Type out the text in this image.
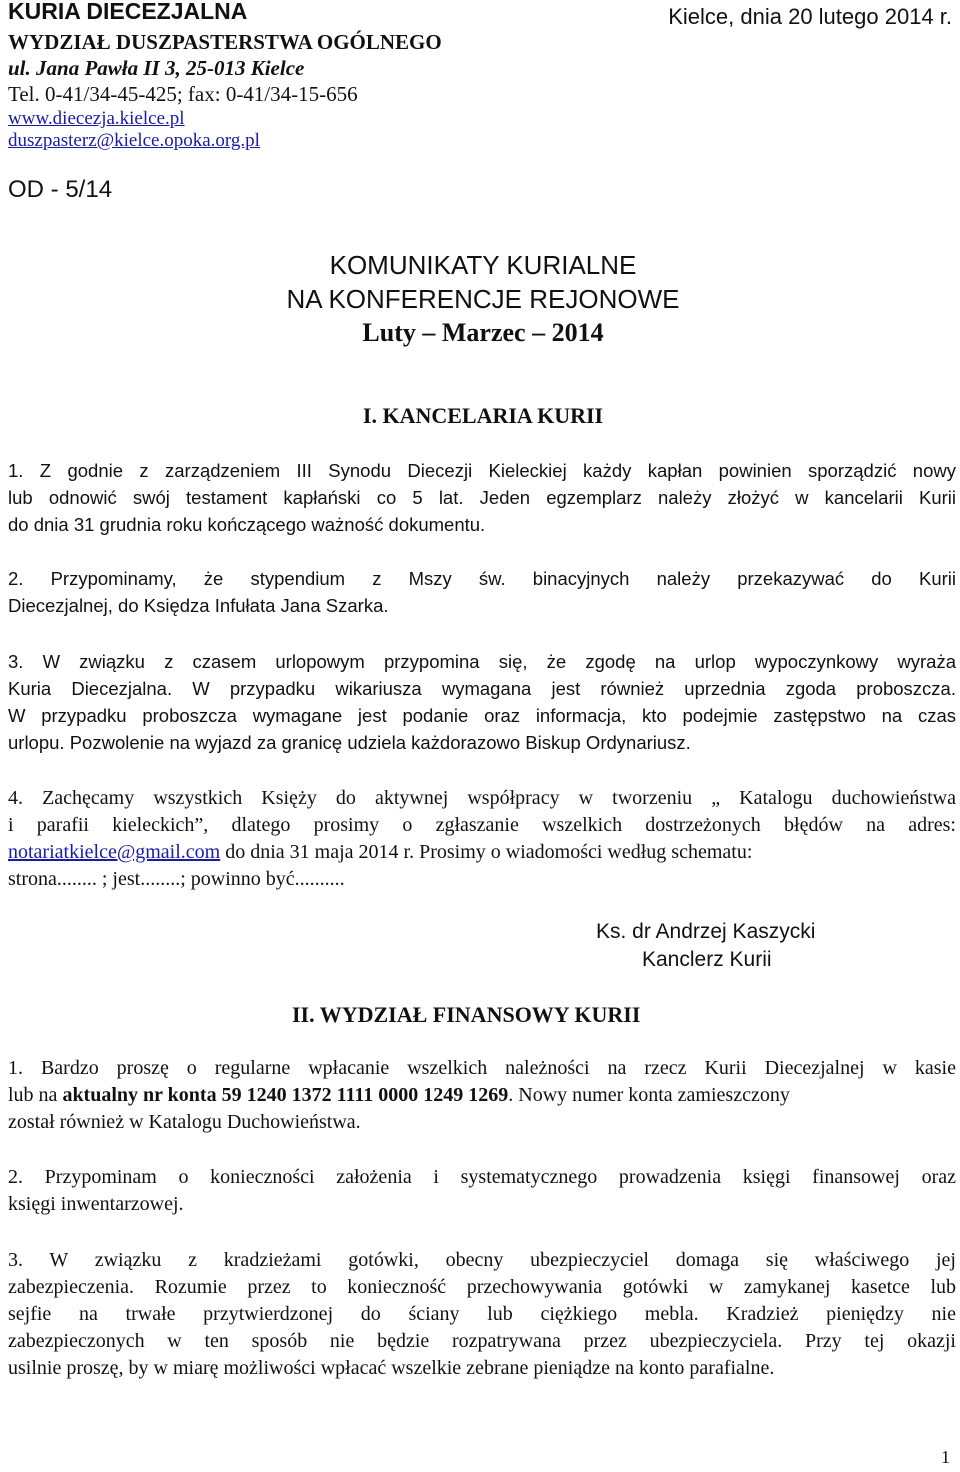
KURIA DIECEZJALNA
WYDZIAŁ DUSZPASTERSTWA OGÓLNEGO
ul. Jana Pawła II 3, 25-013 Kielce
Tel. 0-41/34-45-425; fax: 0-41/34-15-656
www.diecezja.kielce.pl
duszpasterz@kielce.opoka.org.pl
Kielce, dnia 20 lutego 2014 r.
OD - 5/14
KOMUNIKATY KURIALNE
NA KONFERENCJE REJONOWE
Luty – Marzec – 2014
I. KANCELARIA KURII
1. Z godnie z zarządzeniem III Synodu Diecezji Kieleckiej każdy kapłan powinien sporządzić nowy
lub odnowić swój testament kapłański co 5 lat. Jeden egzemplarz należy złożyć w kancelarii Kurii
do dnia 31 grudnia roku kończącego ważność dokumentu.
2. Przypominamy, że stypendium z Mszy św. binacyjnych należy przekazywać do Kurii
Diecezjalnej, do Księdza Infułata Jana Szarka.
3. W związku z czasem urlopowym przypomina się, że zgodę na urlop wypoczynkowy wyraża
Kuria Diecezjalna. W przypadku wikariusza wymagana jest również uprzednia zgoda proboszcza.
W przypadku proboszcza wymagane jest podanie oraz informacja, kto podejmie zastępstwo na czas
urlopu. Pozwolenie na wyjazd za granicę udziela każdorazowo Biskup Ordynariusz.
4. Zachęcamy wszystkich Księży do aktywnej współpracy w tworzeniu „ Katalogu duchowieństwa
i parafii kieleckich”, dlatego prosimy o zgłaszanie wszelkich dostrzeżonych błędów na adres:
notariatkielce@gmail.com do dnia 31 maja 2014 r. Prosimy o wiadomości według schematu:
strona........ ; jest........; powinno być..........
Ks. dr Andrzej Kaszycki
Kanclerz Kurii
II. WYDZIAŁ FINANSOWY KURII
1. Bardzo proszę o regularne wpłacanie wszelkich należności na rzecz Kurii Diecezjalnej w kasie
lub na aktualny nr konta 59 1240 1372 1111 0000 1249 1269. Nowy numer konta zamieszczony
został również w Katalogu Duchowieństwa.
2. Przypominam o konieczności założenia i systematycznego prowadzenia księgi finansowej oraz
księgi inwentarzowej.
3. W związku z kradzieżami gotówki, obecny ubezpieczyciel domaga się właściwego jej
zabezpieczenia. Rozumie przez to konieczność przechowywania gotówki w zamykanej kasetce lub
sejfie na trwałe przytwierdzonej do ściany lub ciężkiego mebla. Kradzież pieniędzy nie
zabezpieczonych w ten sposób nie będzie rozpatrywana przez ubezpieczyciela. Przy tej okazji
usilnie proszę, by w miarę możliwości wpłacać wszelkie zebrane pieniądze na konto parafialne.
1
